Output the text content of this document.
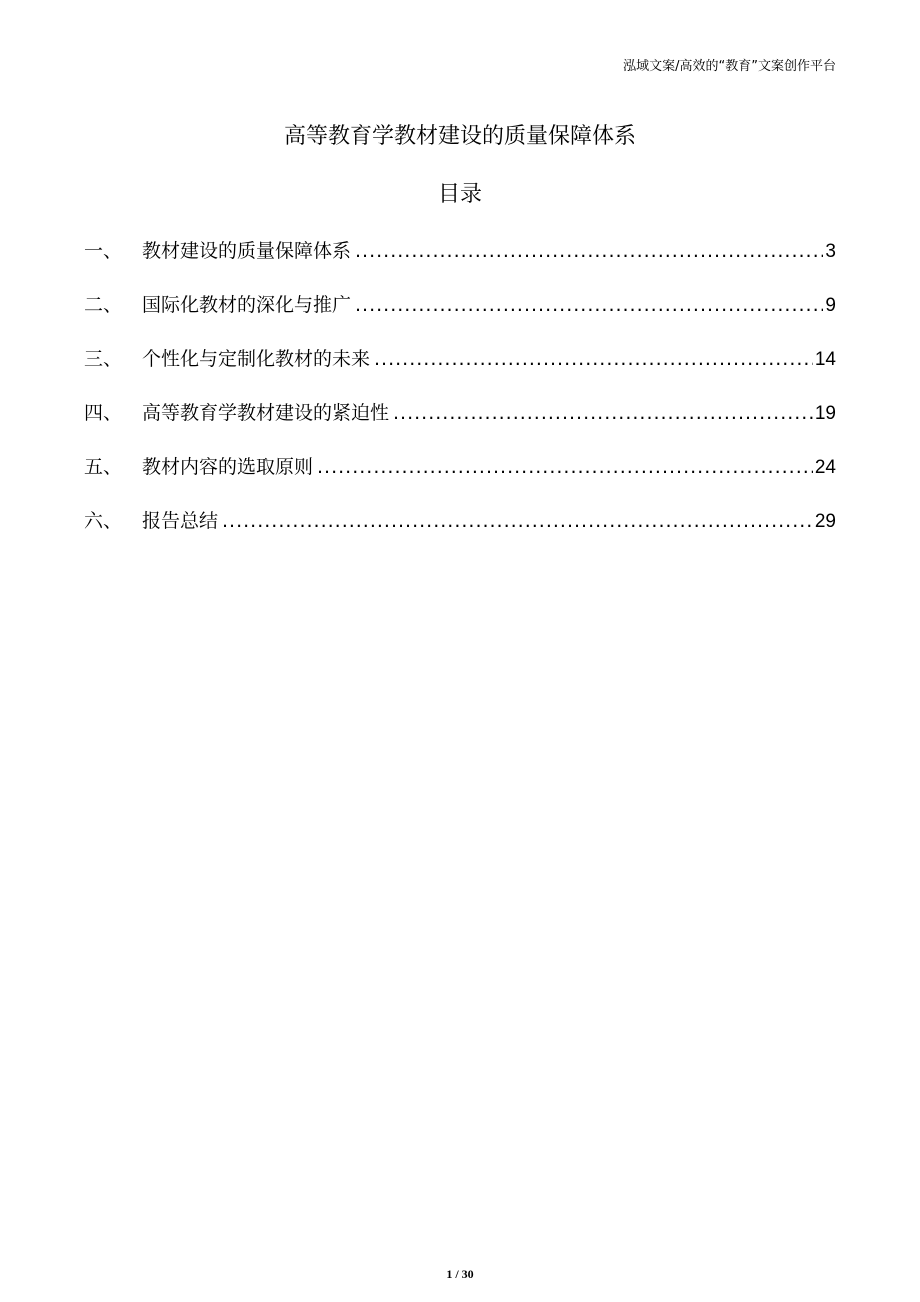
泓域文案/高效的“教育”文案创作平台
高等教育学教材建设的质量保障体系
目录
一、	教材建设的质量保障体系 .....	3
二、	国际化教材的深化与推广 .....	9
三、	个性化与定制化教材的未来 .....	14
四、	高等教育学教材建设的紧迫性 .....	19
五、	教材内容的选取原则 .....	24
六、	报告总结 .....	29
1 / 30
